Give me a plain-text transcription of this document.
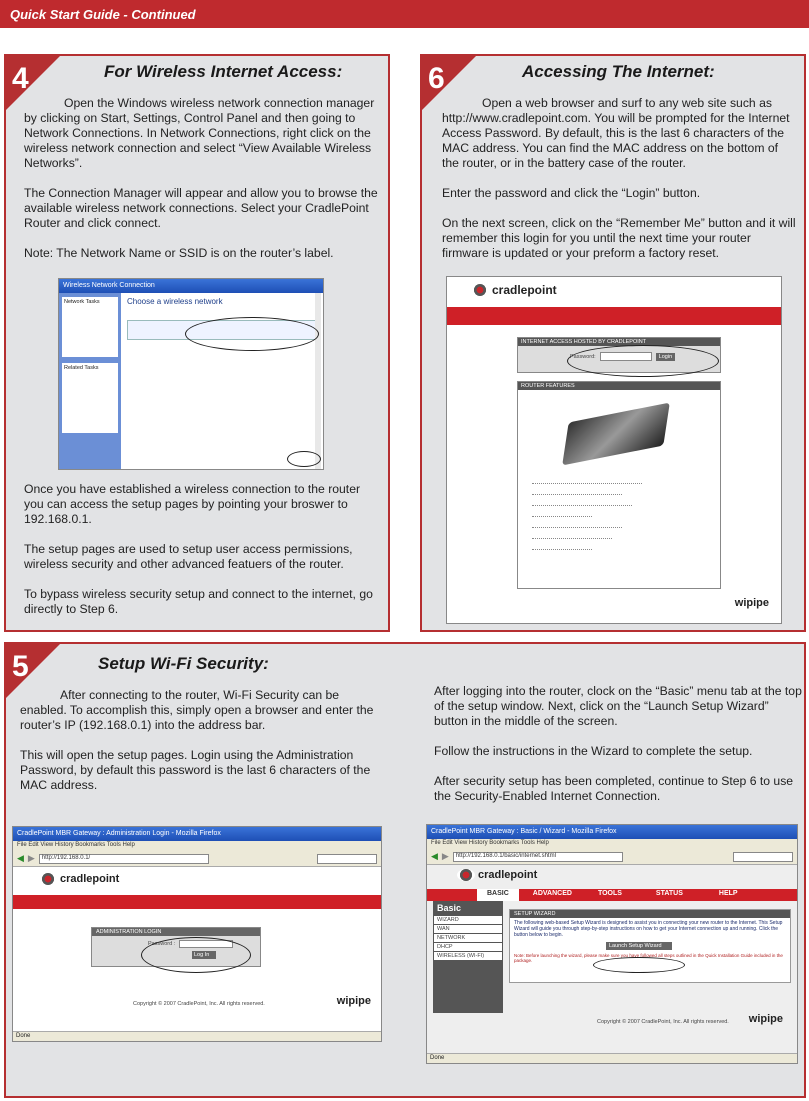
Quick Start Guide - Continued
4	For Wireless Internet Access:

Open the Windows wireless network connection manager by clicking on Start, Settings, Control Panel and then going to Network Connections. In Network Connections, right click on the wireless network connection and select “View Available Wireless Networks”.

The Connection Manager will appear and allow you to browse the available wireless network connections. Select your CradlePoint Router and click connect.

Note: The Network Name or SSID is on the router’s label.

Wireless Network Connection
Network Tasks
Related Tasks
Choose a wireless network

Once you have established a wireless connection to the router you can access the setup pages by pointing your broswer to 192.168.0.1.

The setup pages are used to setup user access permissions, wireless security and other advanced featuers of the router.

To bypass wireless security setup and connect to the internet, go directly to Step 6.

6	Accessing The Internet:

Open a web browser and surf to any web site such as http://www.cradlepoint.com. You will be prompted for the Internet Access Password. By default, this is the last 6 characters of the MAC address. You can find the MAC address on the bottom of the router, or in the battery case of the router.

Enter the password and click the “Login” button.

On the next screen, click on the “Remember Me” button and it will remember this login for you until the next time your router firmware is updated or your preform a factory reset.

cradlepoint
INTERNET ACCESS HOSTED BY CRADLEPOINT
Password:	Login
ROUTER FEATURES
wipipe
5	Setup Wi-Fi Security:

After connecting to the router, Wi-Fi Security can be enabled. To accomplish this, simply open a browser and enter the router’s IP (192.168.0.1) into the address bar.

This will open the setup pages. Login using the Administration Password, by default this password is the last 6 characters of the MAC address.

After logging into the router, clock on the “Basic” menu tab at the top of the setup window. Next, click on the “Launch Setup Wizard” button in the middle of the screen.

Follow the instructions in the Wizard to complete the setup.

After security setup has been completed, continue to Step 6 to use the Security-Enabled Internet Connection.

CradlePoint MBR Gateway : Administration Login - Mozilla Firefox
File Edit View History Bookmarks Tools Help
◀ ▶	http://192.168.0.1/
cradlepoint
ADMINISTRATION LOGIN
Password :
Log In
Copyright © 2007 CradlePoint, Inc. All rights reserved.	wipipe
Done
CradlePoint MBR Gateway : Basic / Wizard - Mozilla Firefox
File Edit View History Bookmarks Tools Help
◀ ▶	http://192.168.0.1/basic/internet.shtml
cradlepoint
BASIC	ADVANCED	TOOLS	STATUS	HELP
Basic
WIZARD
WAN
NETWORK
DHCP
WIRELESS (WI-FI)
SETUP WIZARD
The following web-based Setup Wizard is designed to assist you in connecting your new router to the Internet. This Setup Wizard will guide you through step-by-step instructions on how to get your Internet connection up and running. Click the button below to begin.
Launch Setup Wizard
Note: Before launching the wizard, please make sure you have followed all steps outlined in the Quick Installation Guide included in the package.
Copyright © 2007 CradlePoint, Inc. All rights reserved. wipipe
Done
